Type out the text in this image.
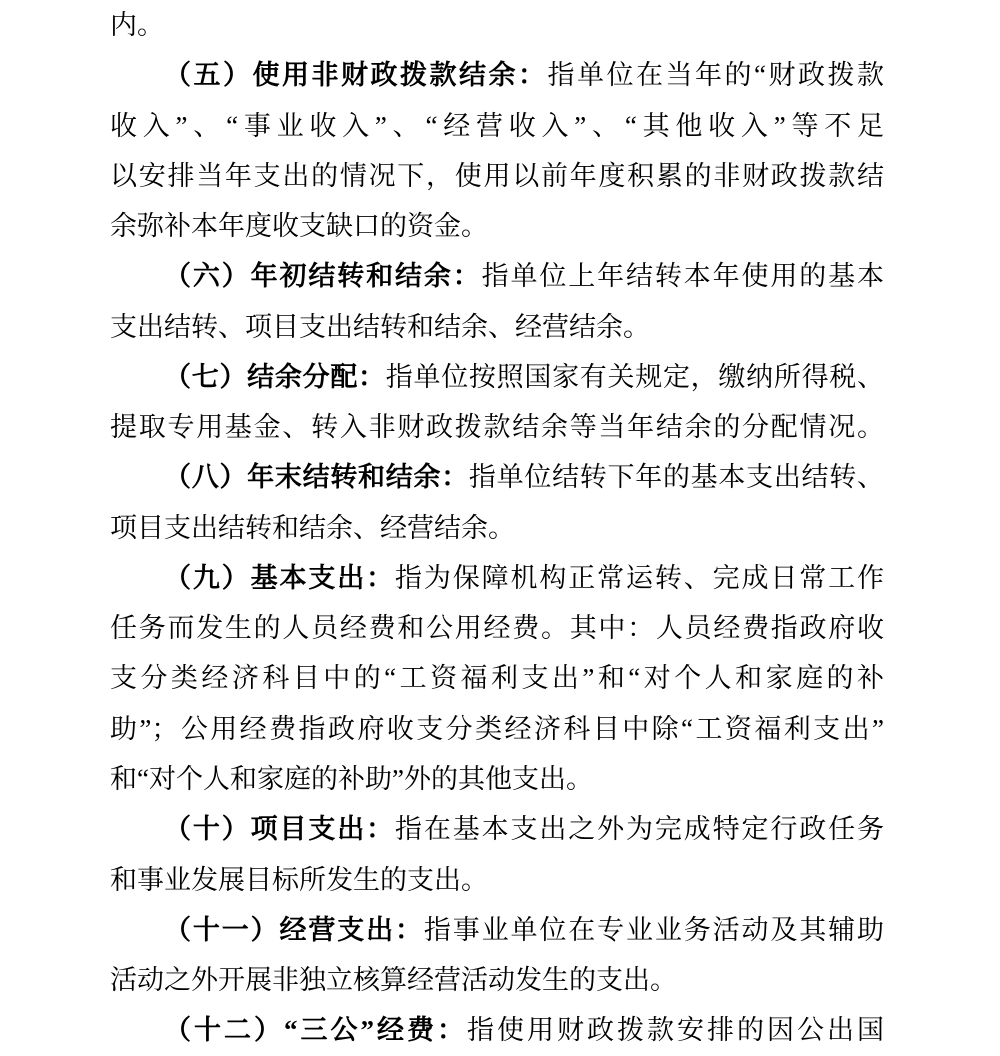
内。
（五）使用非财政拨款结余：指单位在当年的“财政拨款
收入”、“事业收入”、“经营收入”、“其他收入”等不足
以安排当年支出的情况下，使用以前年度积累的非财政拨款结
余弥补本年度收支缺口的资金。
（六）年初结转和结余：指单位上年结转本年使用的基本
支出结转、项目支出结转和结余、经营结余。
（七）结余分配：指单位按照国家有关规定，缴纳所得税、
提取专用基金、转入非财政拨款结余等当年结余的分配情况。
（八）年末结转和结余：指单位结转下年的基本支出结转、
项目支出结转和结余、经营结余。
（九）基本支出：指为保障机构正常运转、完成日常工作
任务而发生的人员经费和公用经费。其中：人员经费指政府收
支分类经济科目中的“工资福利支出”和“对个人和家庭的补
助”；公用经费指政府收支分类经济科目中除“工资福利支出”
和“对个人和家庭的补助”外的其他支出。
（十）项目支出：指在基本支出之外为完成特定行政任务
和事业发展目标所发生的支出。
（十一）经营支出：指事业单位在专业业务活动及其辅助
活动之外开展非独立核算经营活动发生的支出。
（十二）“三公”经费：指使用财政拨款安排的因公出国
